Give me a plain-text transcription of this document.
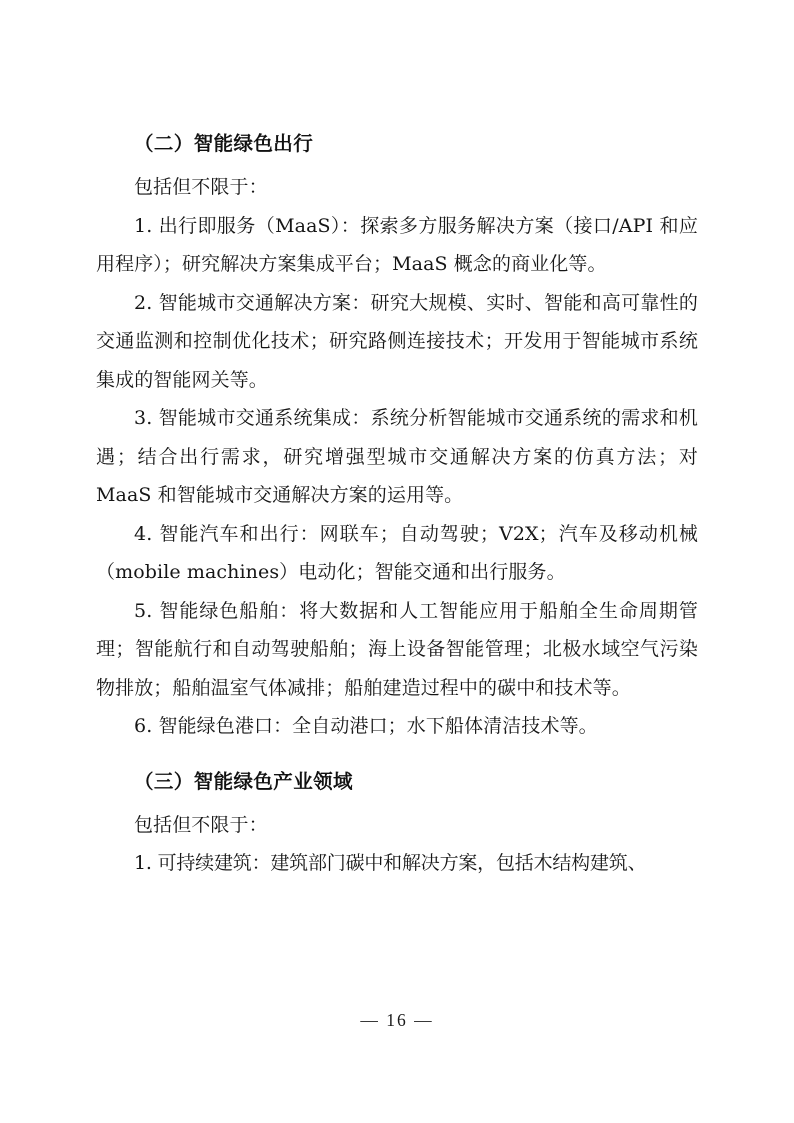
（二）智能绿色出行

包括但不限于：

1. 出行即服务（MaaS）：探索多方服务解决方案（接口/API 和应用程序）；研究解决方案集成平台；MaaS 概念的商业化等。

2. 智能城市交通解决方案：研究大规模、实时、智能和高可靠性的交通监测和控制优化技术；研究路侧连接技术；开发用于智能城市系统集成的智能网关等。

3. 智能城市交通系统集成：系统分析智能城市交通系统的需求和机遇；结合出行需求，研究增强型城市交通解决方案的仿真方法；对 MaaS 和智能城市交通解决方案的运用等。

4. 智能汽车和出行：网联车；自动驾驶；V2X；汽车及移动机械（mobile machines）电动化；智能交通和出行服务。

5. 智能绿色船舶：将大数据和人工智能应用于船舶全生命周期管理；智能航行和自动驾驶船舶；海上设备智能管理；北极水域空气污染物排放；船舶温室气体减排；船舶建造过程中的碳中和技术等。

6. 智能绿色港口：全自动港口；水下船体清洁技术等。

（三）智能绿色产业领域

包括但不限于：

1. 可持续建筑：建筑部门碳中和解决方案，包括木结构建筑、

— 16 —
